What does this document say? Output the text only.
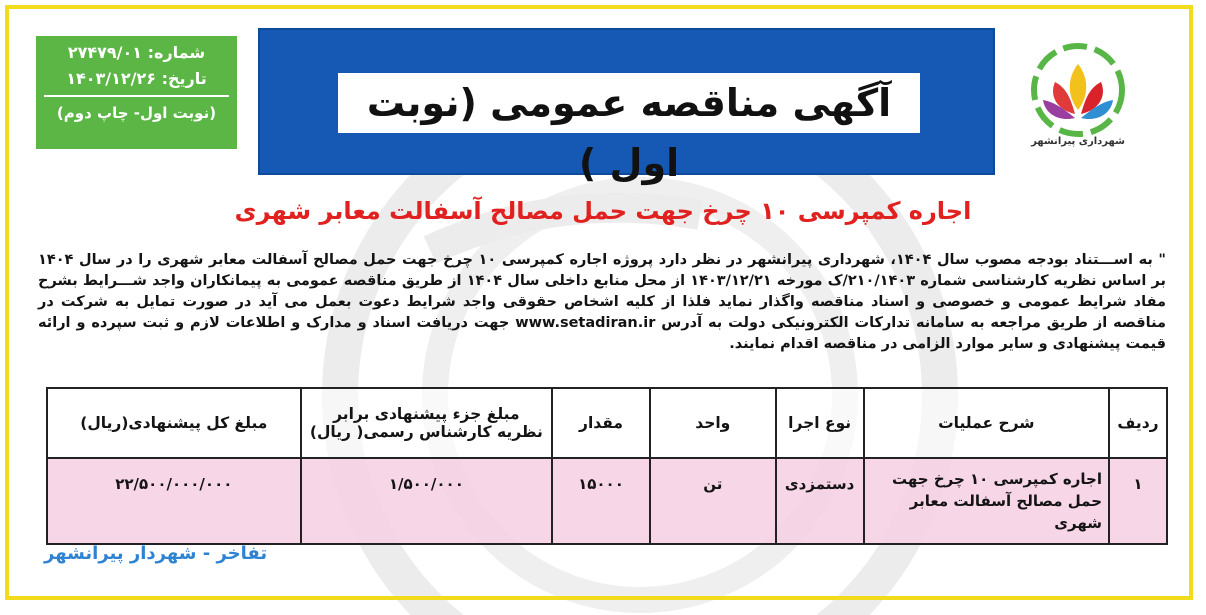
شماره: ۲۷۴۷۹/۰۱
تاریخ: ۱۴۰۳/۱۲/۲۶
(نوبت اول- چاپ دوم)	آگهی مناقصه عمومی (نوبت اول )	شهرداری پیرانشهر
اجاره کمپرسی ۱۰ چرخ جهت حمل مصالح آسفالت معابر شهری
" به اســـتناد بودجه مصوب سال ۱۴۰۴، شهرداری پیرانشهر در نظر دارد پروژه اجاره کمپرسی ۱۰ چرخ جهت حمل مصالح آسفالت معابر شهری را در سال ۱۴۰۴ بر اساس نظریه کارشناسی شماره ۲۱۰/۱۴۰۳/ک مورخه ۱۴۰۳/۱۲/۲۱ از محل منابع داخلی سال ۱۴۰۴ از طریق مناقصه عمومی به پیمانکاران واجد شـــرایط بشرح مفاد شرایط عمومی و خصوصی و اسناد مناقصه واگذار نماید فلذا از کلیه اشخاص حقوقی واجد شرایط دعوت بعمل می آید در صورت تمایل به شرکت در مناقصه از طریق مراجعه به سامانه تدارکات الکترونیکی دولت به آدرس www.setadiran.ir جهت دریافت اسناد و مدارک و اطلاعات لازم و ثبت سپرده و ارائه قیمت پیشنهادی و سایر موارد الزامی در مناقصه اقدام نمایند.
ردیف	شرح عملیات	نوع اجرا	واحد	مقدار	مبلغ جزء پیشنهادی برابر نظریه کارشناس رسمی( ریال)	مبلغ کل پیشنهادی(ریال)
۱	اجاره کمپرسی ۱۰ چرخ جهت حمل مصالح آسفالت معابر شهری	دستمزدی	تن	۱۵۰۰۰	۱/۵۰۰/۰۰۰	۲۲/۵۰۰/۰۰۰/۰۰۰
تفاخر - شهردار پیرانشهر
